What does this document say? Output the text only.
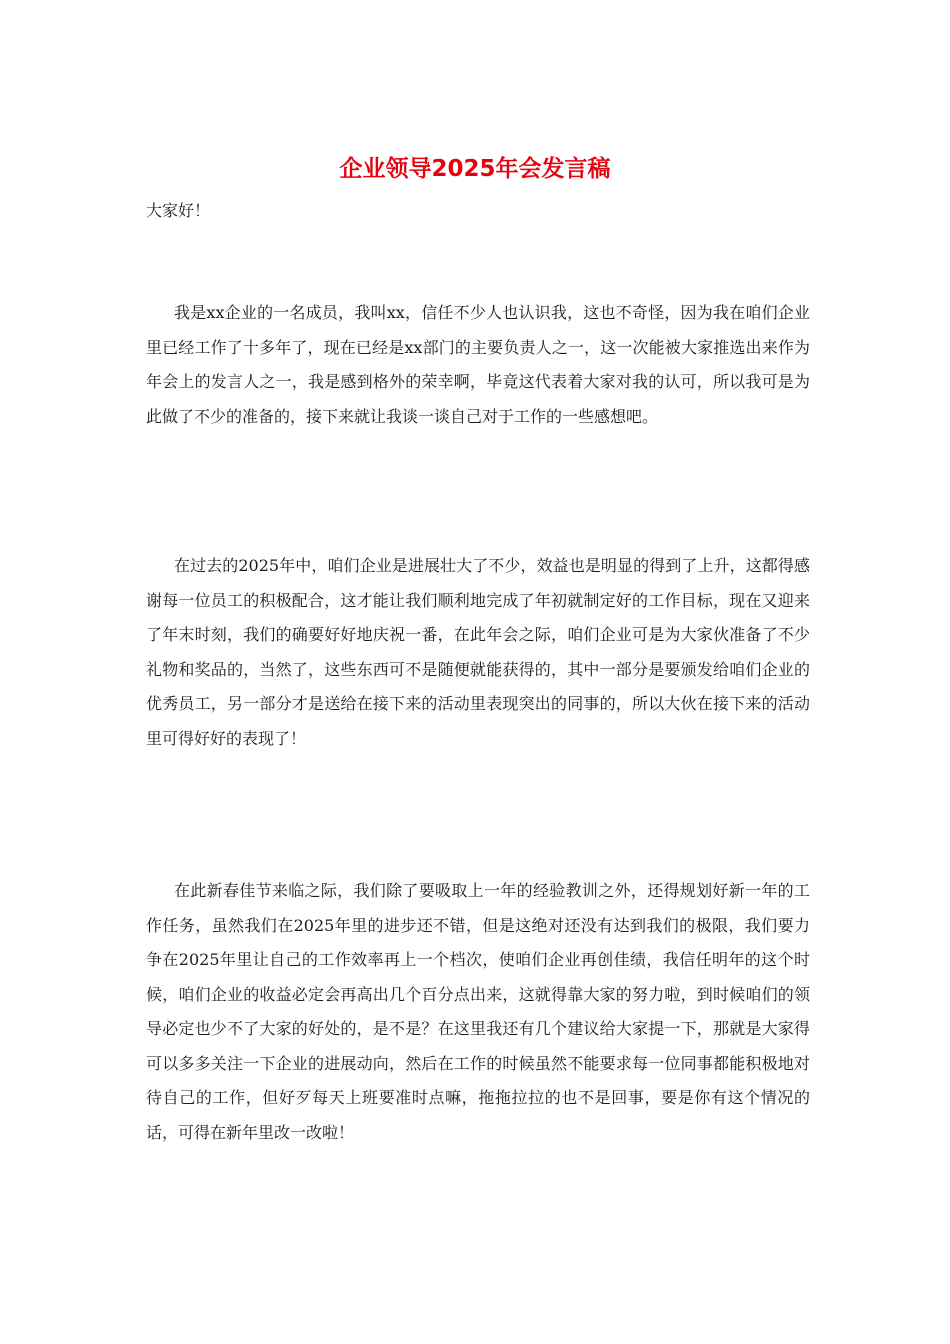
企业领导2025年会发言稿

大家好！

我是xx企业的一名成员，我叫xx，信任不少人也认识我，这也不奇怪，因为我在咱们企业里已经工作了十多年了，现在已经是xx部门的主要负责人之一，这一次能被大家推选出来作为年会上的发言人之一，我是感到格外的荣幸啊，毕竟这代表着大家对我的认可，所以我可是为此做了不少的准备的，接下来就让我谈一谈自己对于工作的一些感想吧。

在过去的2025年中，咱们企业是进展壮大了不少，效益也是明显的得到了上升，这都得感谢每一位员工的积极配合，这才能让我们顺利地完成了年初就制定好的工作目标，现在又迎来了年末时刻，我们的确要好好地庆祝一番，在此年会之际，咱们企业可是为大家伙准备了不少礼物和奖品的，当然了，这些东西可不是随便就能获得的，其中一部分是要颁发给咱们企业的优秀员工，另一部分才是送给在接下来的活动里表现突出的同事的，所以大伙在接下来的活动里可得好好的表现了！

在此新春佳节来临之际，我们除了要吸取上一年的经验教训之外，还得规划好新一年的工作任务，虽然我们在2025年里的进步还不错，但是这绝对还没有达到我们的极限，我们要力争在2025年里让自己的工作效率再上一个档次，使咱们企业再创佳绩，我信任明年的这个时候，咱们企业的收益必定会再高出几个百分点出来，这就得靠大家的努力啦，到时候咱们的领导必定也少不了大家的好处的，是不是？在这里我还有几个建议给大家提一下，那就是大家得可以多多关注一下企业的进展动向，然后在工作的时候虽然不能要求每一位同事都能积极地对待自己的工作，但好歹每天上班要准时点嘛，拖拖拉拉的也不是回事，要是你有这个情况的话，可得在新年里改一改啦！
